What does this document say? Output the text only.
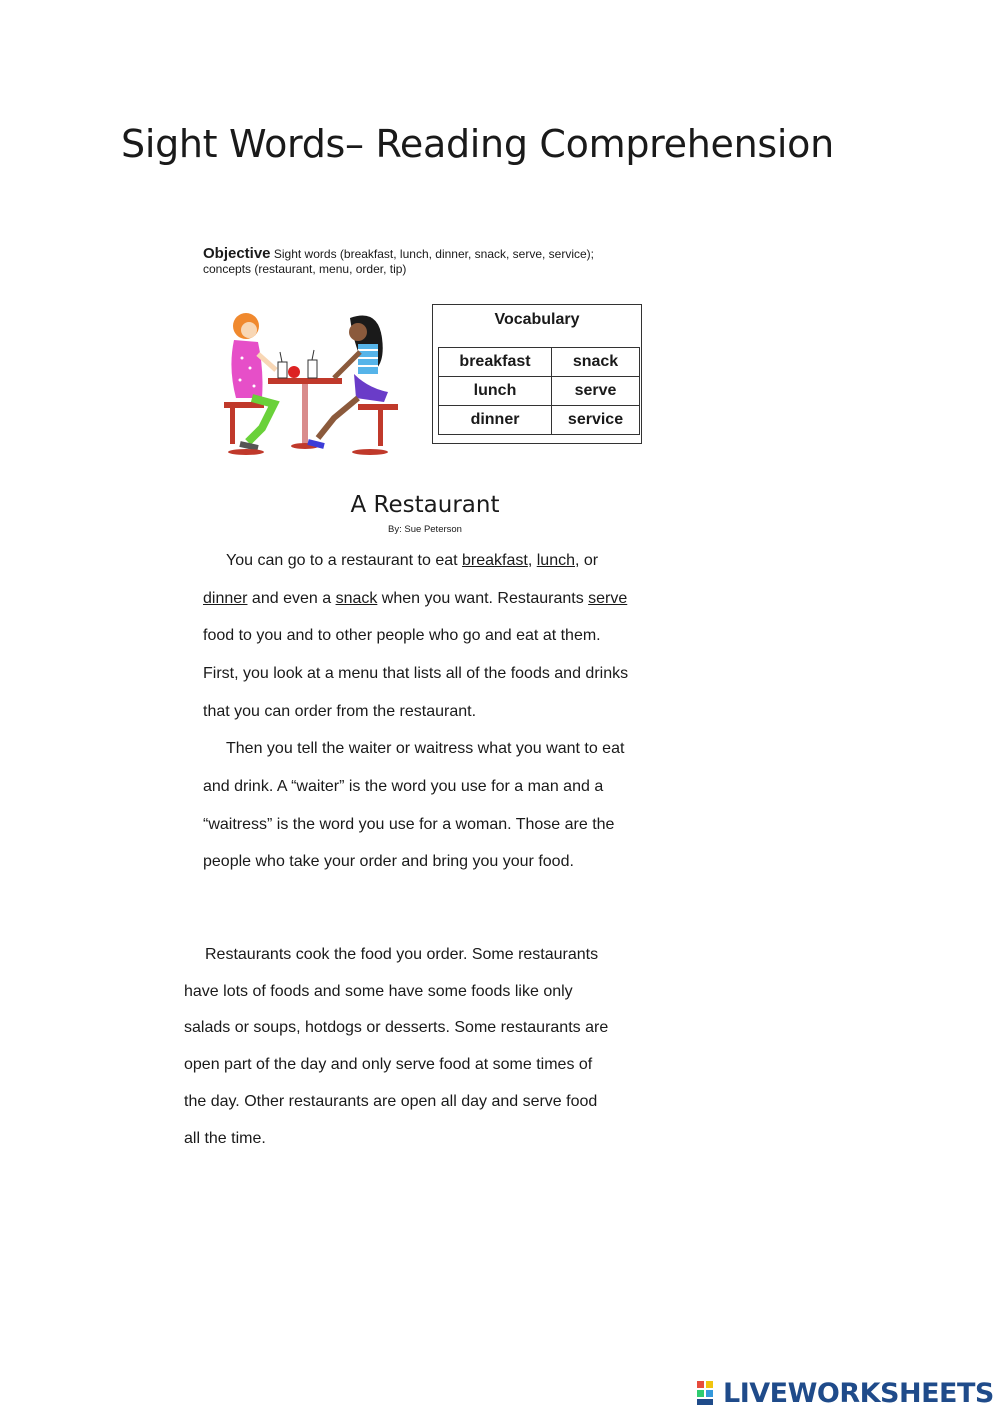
Sight Words– Reading Comprehension
Objective Sight words (breakfast, lunch, dinner, snack, serve, service);
concepts (restaurant, menu, order, tip)
Vocabulary
breakfast	snack
lunch	serve
dinner	service
A Restaurant
By: Sue Peterson
You can go to a restaurant to eat breakfast, lunch, or
dinner and even a snack when you want. Restaurants serve
food to you and to other people who go and eat at them.
First, you look at a menu that lists all of the foods and drinks
that you can order from the restaurant.
Then you tell the waiter or waitress what you want to eat
and drink. A “waiter” is the word you use for a man and a
“waitress” is the word you use for a woman. Those are the
people who take your order and bring you your food.
Restaurants cook the food you order. Some restaurants
have lots of foods and some have some foods like only
salads or soups, hotdogs or desserts. Some restaurants are
open part of the day and only serve food at some times of
the day. Other restaurants are open all day and serve food
all the time.
LIVEWORKSHEETS
